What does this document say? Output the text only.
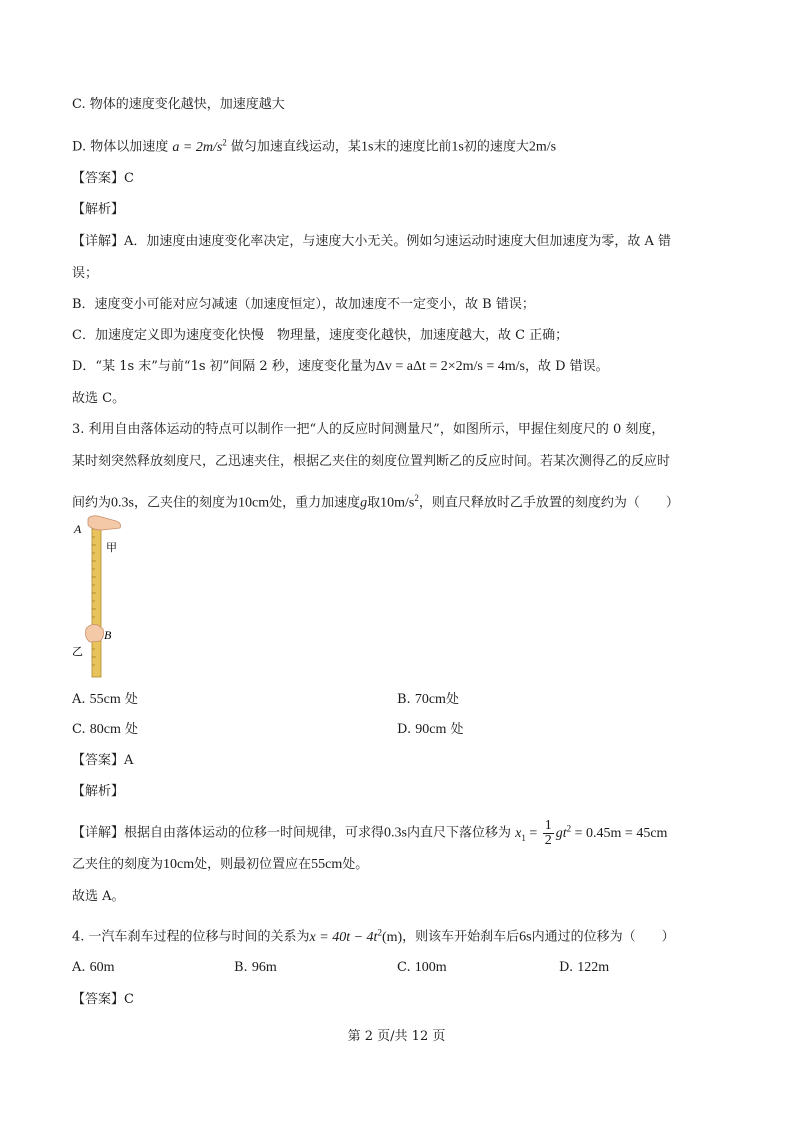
C. 物体的速度变化越快，加速度越大
D. 物体以加速度 $a = 2m/s^2$ 做匀加速直线运动，某1s末的速度比前1s初的速度大2m/s
【答案】C
【解析】
【详解】A．加速度由速度变化率决定，与速度大小无关。例如匀速运动时速度大但加速度为零，故 A 错
误；
B．速度变小可能对应匀减速（加速度恒定），故加速度不一定变小，故 B 错误；
C．加速度定义即为速度变化快慢　物理量，速度变化越快，加速度越大，故 C 正确；
D．“某 1s 末”与前“1s 初”间隔 2 秒，速度变化量为Δv = aΔt = 2×2m/s = 4m/s，故 D 错误。
故选 C。
3. 利用自由落体运动的特点可以制作一把“人的反应时间测量尺”，如图所示，甲握住刻度尺的 0 刻度，
某时刻突然释放刻度尺，乙迅速夹住，根据乙夹住的刻度位置判断乙的反应时间。若某次测得乙的反应时
间约为0.3s，乙夹住的刻度为10cm处，重力加速度g取$10m/s^2$，则直尺释放时乙手放置的刻度约为（　　）
A
甲
B
乙
A. 55cm 处	B. 70cm处
C. 80cm 处	D. 90cm 处
【答案】A
【解析】
【详解】根据自由落体运动的位移一时间规律，可求得0.3s内直尺下落位移为 $x_1 = \frac{1}{2} gt^2 = 0.45m = 45cm$
乙夹住的刻度为10cm处，则最初位置应在55cm处。
故选 A。
4. 一汽车刹车过程的位移与时间的关系为$x = 40t - 4t^2(m)$，则该车开始刹车后6s内通过的位移为（　　）
A. 60m	B. 96m	C. 100m	D. 122m
【答案】C
第 2 页/共 12 页
